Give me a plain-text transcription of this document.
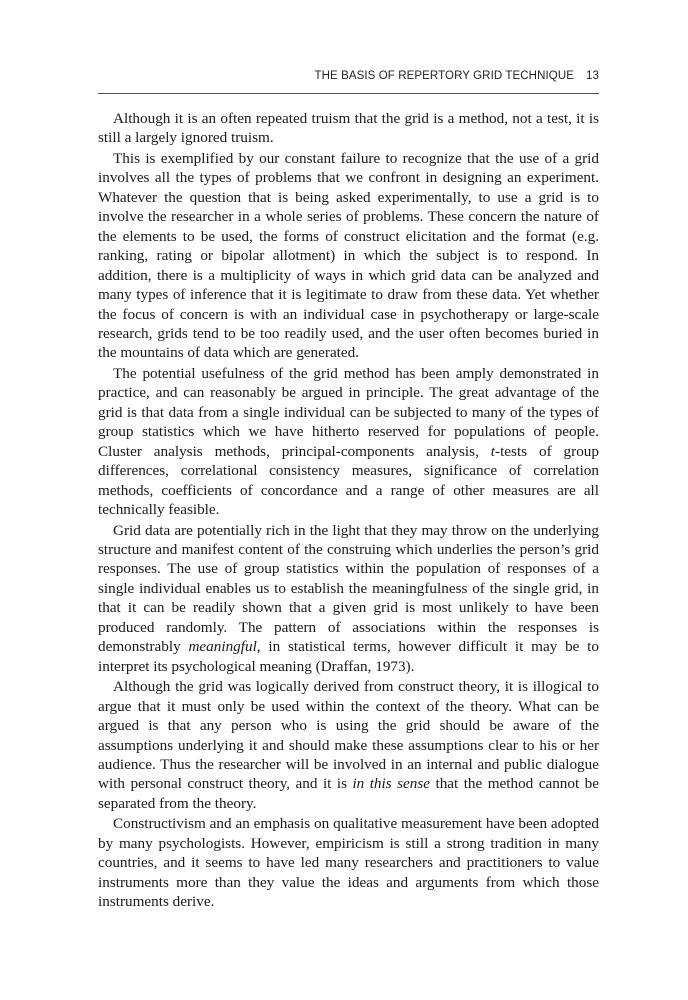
THE BASIS OF REPERTORY GRID TECHNIQUE 13

Although it is an often repeated truism that the grid is a method, not a test, it is still a largely ignored truism.

This is exemplified by our constant failure to recognize that the use of a grid involves all the types of problems that we confront in designing an experiment. Whatever the question that is being asked experimentally, to use a grid is to involve the researcher in a whole series of problems. These concern the nature of the elements to be used, the forms of construct elicitation and the format (e.g. ranking, rating or bipolar allotment) in which the subject is to respond. In addition, there is a multiplicity of ways in which grid data can be analyzed and many types of inference that it is legitimate to draw from these data. Yet whether the focus of concern is with an individual case in psychotherapy or large-scale research, grids tend to be too readily used, and the user often becomes buried in the mountains of data which are generated.

The potential usefulness of the grid method has been amply demonstrated in practice, and can reasonably be argued in principle. The great advantage of the grid is that data from a single individual can be subjected to many of the types of group statistics which we have hitherto reserved for populations of people. Cluster analysis methods, principal-components analysis, t-tests of group differences, correlational consistency measures, significance of correlation methods, coefficients of concordance and a range of other measures are all technically feasible.

Grid data are potentially rich in the light that they may throw on the underlying structure and manifest content of the construing which underlies the person’s grid responses. The use of group statistics within the population of responses of a single individual enables us to establish the meaningfulness of the single grid, in that it can be readily shown that a given grid is most unlikely to have been produced randomly. The pattern of associations within the responses is demonstrably meaningful, in statistical terms, however difficult it may be to interpret its psychological meaning (Draffan, 1973).

Although the grid was logically derived from construct theory, it is illogical to argue that it must only be used within the context of the theory. What can be argued is that any person who is using the grid should be aware of the assumptions underlying it and should make these assumptions clear to his or her audience. Thus the researcher will be involved in an internal and public dialogue with personal construct theory, and it is in this sense that the method cannot be separated from the theory.

Constructivism and an emphasis on qualitative measurement have been adopted by many psychologists. However, empiricism is still a strong tradition in many countries, and it seems to have led many researchers and practitioners to value instruments more than they value the ideas and arguments from which those instruments derive.
